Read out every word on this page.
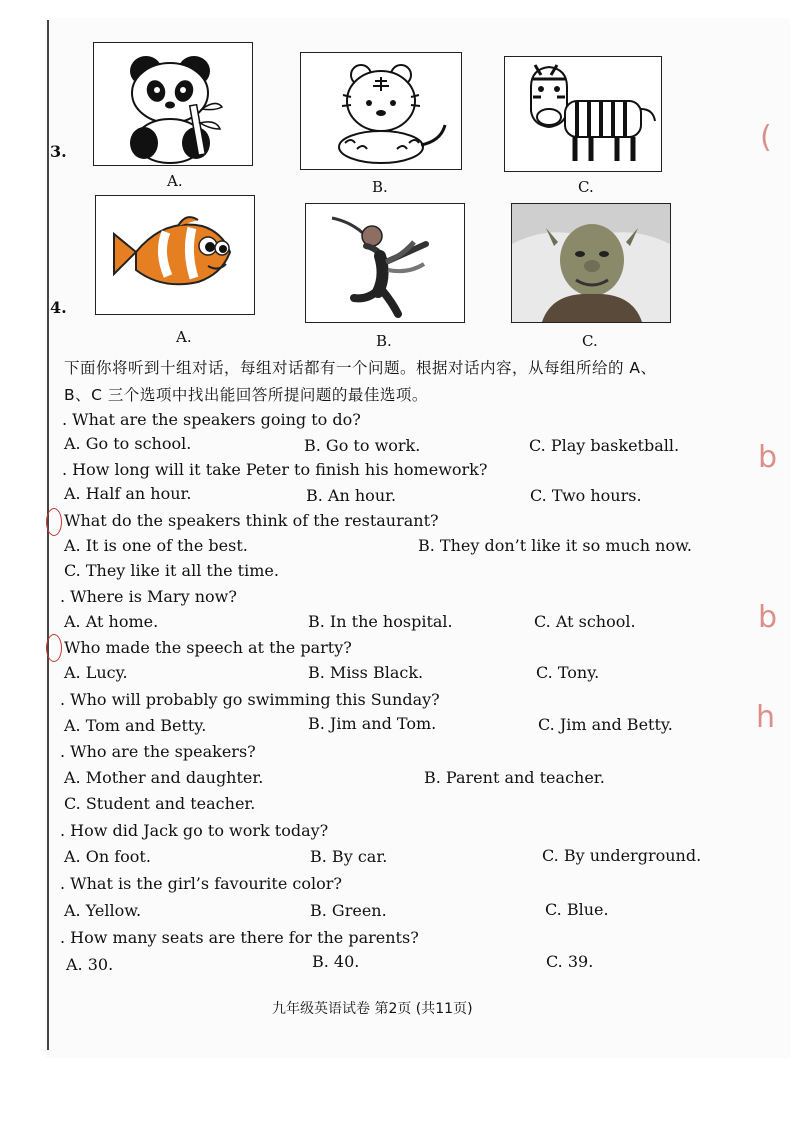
(
b
b
h
3.
A.	B.	C.
4.
A.	B.	C.
下面你将听到十组对话，每组对话都有一个问题。根据对话内容，从每组所给的 A、
B、C 三个选项中找出能回答所提问题的最佳选项。
. What are the speakers going to do?
A. Go to school.	B. Go to work.	C. Play basketball.
. How long will it take Peter to finish his homework?
A. Half an hour.	B. An hour.	C. Two hours.
What do the speakers think of the restaurant?
A. It is one of the best.	B. They don’t like it so much now.
C. They like it all the time.
. Where is Mary now?
A. At home.	B. In the hospital.	C. At school.
Who made the speech at the party?
A. Lucy.	B. Miss Black.	C. Tony.
. Who will probably go swimming this Sunday?
A. Tom and Betty.	B. Jim and Tom.	C. Jim and Betty.
. Who are the speakers?
A. Mother and daughter.	B. Parent and teacher.
C. Student and teacher.
. How did Jack go to work today?
A. On foot.	B. By car.	C. By underground.
. What is the girl’s favourite color?
A. Yellow.	B. Green.	C. Blue.
. How many seats are there for the parents?
A. 30.	B. 40.	C. 39.
九年级英语试卷 第2页 (共11页)
